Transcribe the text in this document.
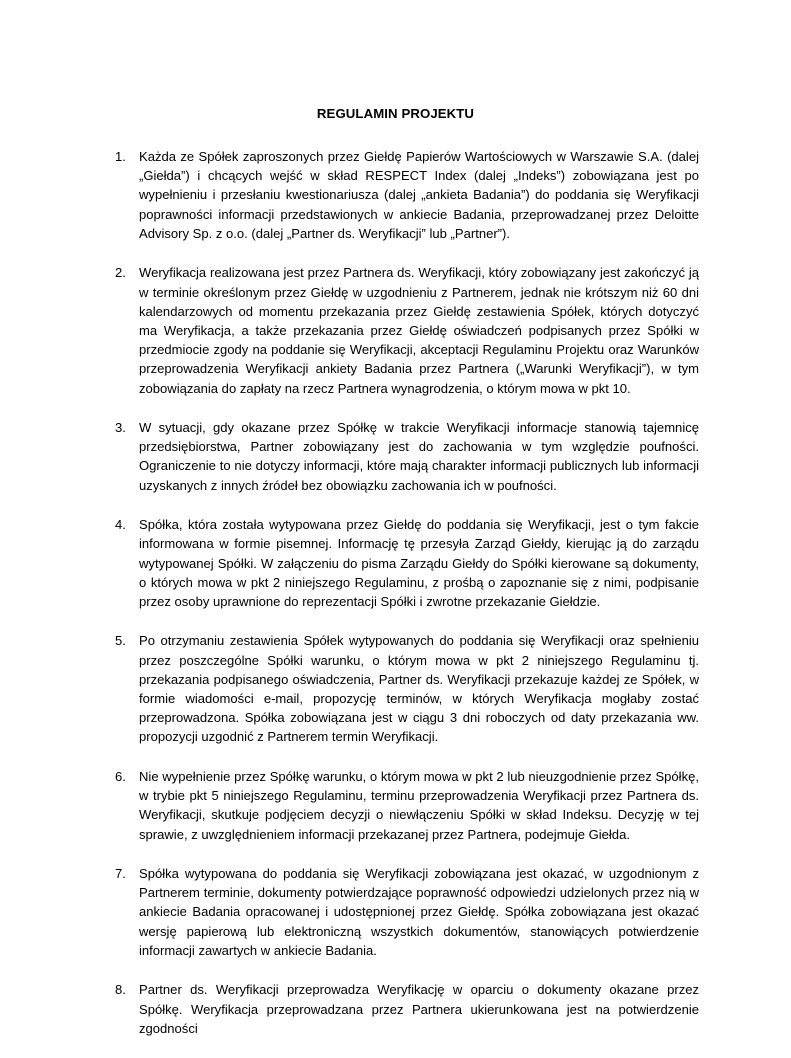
REGULAMIN PROJEKTU
1.	Każda ze Spółek zaproszonych przez Giełdę Papierów Wartościowych w Warszawie S.A. (dalej „Giełda”) i chcących wejść w skład RESPECT Index (dalej „Indeks”) zobowiązana jest po wypełnieniu i przesłaniu kwestionariusza (dalej „ankieta Badania”) do poddania się Weryfikacji poprawności informacji przedstawionych w ankiecie Badania, przeprowadzanej przez Deloitte Advisory Sp. z o.o. (dalej „Partner ds. Weryfikacji” lub „Partner”).
2.	Weryfikacja realizowana jest przez Partnera ds. Weryfikacji, który zobowiązany jest zakończyć ją w terminie określonym przez Giełdę w uzgodnieniu z Partnerem, jednak nie krótszym niż 60 dni kalendarzowych od momentu przekazania przez Giełdę zestawienia Spółek, których dotyczyć ma Weryfikacja, a także przekazania przez Giełdę oświadczeń podpisanych przez Spółki w przedmiocie zgody na poddanie się Weryfikacji, akceptacji Regulaminu Projektu oraz Warunków przeprowadzenia Weryfikacji ankiety Badania przez Partnera („Warunki Weryfikacji”), w tym zobowiązania do zapłaty na rzecz Partnera wynagrodzenia, o którym mowa w pkt 10.
3.	W sytuacji, gdy okazane przez Spółkę w trakcie Weryfikacji informacje stanowią tajemnicę przedsiębiorstwa, Partner zobowiązany jest do zachowania w tym względzie poufności. Ograniczenie to nie dotyczy informacji, które mają charakter informacji publicznych lub informacji uzyskanych z innych źródeł bez obowiązku zachowania ich w poufności.
4.	Spółka, która została wytypowana przez Giełdę do poddania się Weryfikacji, jest o tym fakcie informowana w formie pisemnej. Informację tę przesyła Zarząd Giełdy, kierując ją do zarządu wytypowanej Spółki. W załączeniu do pisma Zarządu Giełdy do Spółki kierowane są dokumenty, o których mowa w pkt 2 niniejszego Regulaminu, z prośbą o zapoznanie się z nimi, podpisanie przez osoby uprawnione do reprezentacji Spółki i zwrotne przekazanie Giełdzie.
5.	Po otrzymaniu zestawienia Spółek wytypowanych do poddania się Weryfikacji oraz spełnieniu przez poszczególne Spółki warunku, o którym mowa w pkt 2 niniejszego Regulaminu tj. przekazania podpisanego oświadczenia, Partner ds. Weryfikacji przekazuje każdej ze Spółek, w formie wiadomości e-mail, propozycję terminów, w których Weryfikacja mogłaby zostać przeprowadzona. Spółka zobowiązana jest w ciągu 3 dni roboczych od daty przekazania ww. propozycji uzgodnić z Partnerem termin Weryfikacji.
6.	Nie wypełnienie przez Spółkę warunku, o którym mowa w pkt 2 lub nieuzgodnienie przez Spółkę, w trybie pkt 5 niniejszego Regulaminu, terminu przeprowadzenia Weryfikacji przez Partnera ds. Weryfikacji, skutkuje podjęciem decyzji o niewłączeniu Spółki w skład Indeksu. Decyzję w tej sprawie, z uwzględnieniem informacji przekazanej przez Partnera, podejmuje Giełda.
7.	Spółka wytypowana do poddania się Weryfikacji zobowiązana jest okazać, w uzgodnionym z Partnerem terminie, dokumenty potwierdzające poprawność odpowiedzi udzielonych przez nią w ankiecie Badania opracowanej i udostępnionej przez Giełdę. Spółka zobowiązana jest okazać wersję papierową lub elektroniczną wszystkich dokumentów, stanowiących potwierdzenie informacji zawartych w ankiecie Badania.
8.	Partner ds. Weryfikacji przeprowadza Weryfikację w oparciu o dokumenty okazane przez Spółkę. Weryfikacja przeprowadzana przez Partnera ukierunkowana jest na potwierdzenie zgodności
